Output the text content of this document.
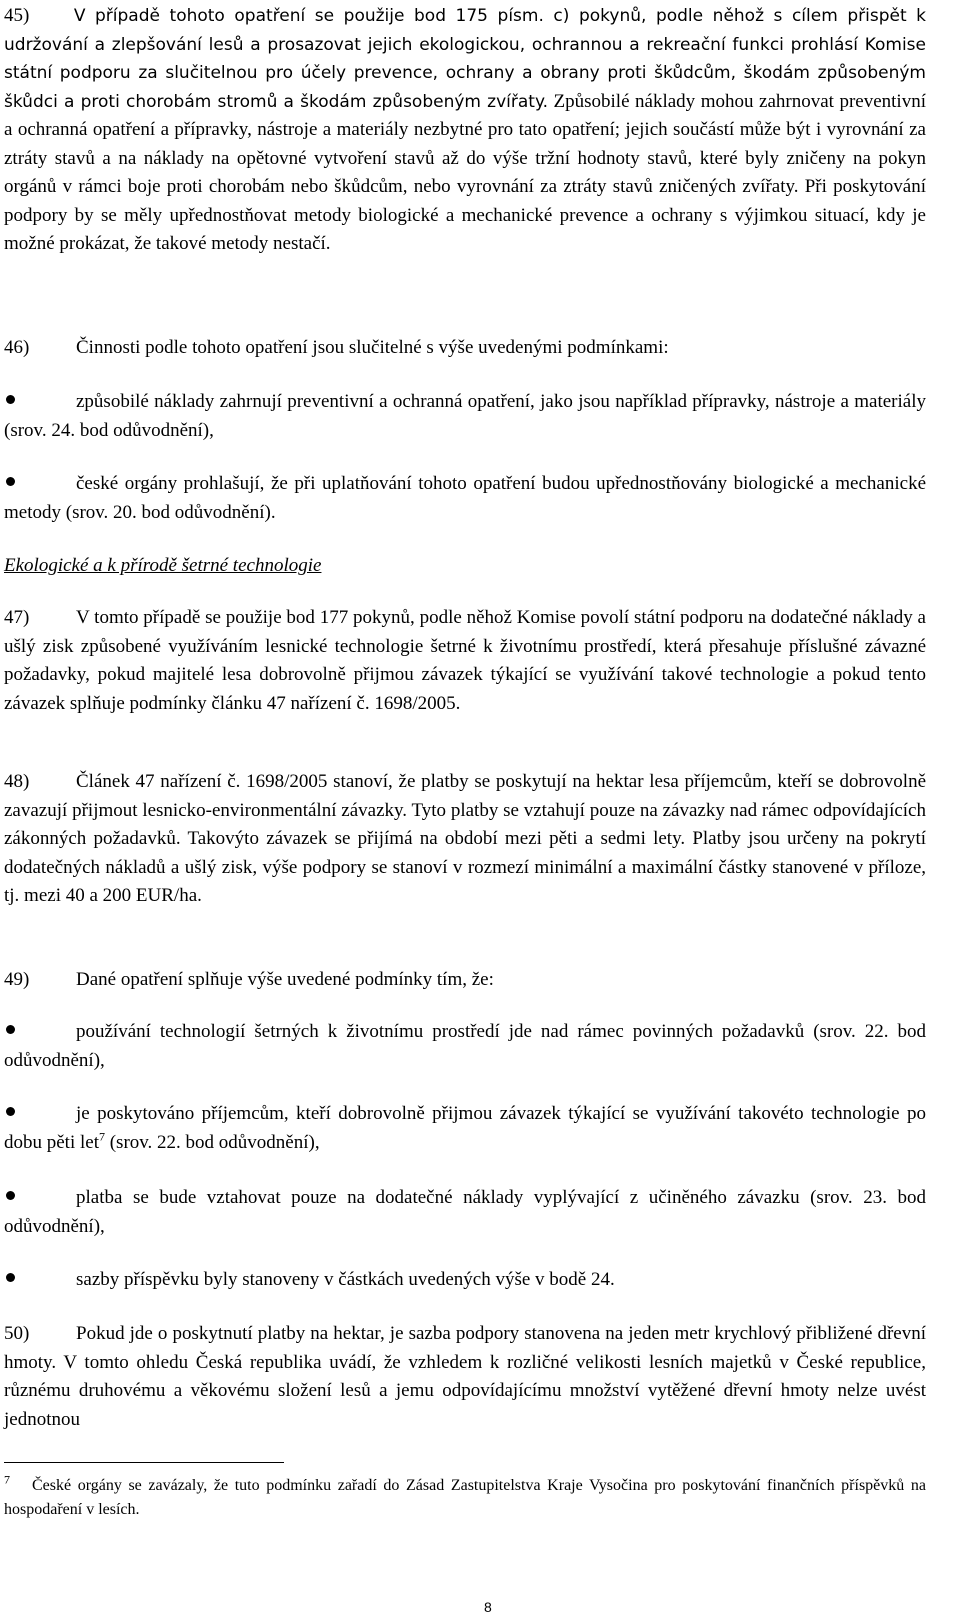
45)	V případě tohoto opatření se použije bod 175 písm. c) pokynů, podle něhož s cílem přispět k udržování a zlepšování lesů a prosazovat jejich ekologickou, ochrannou a rekreační funkci prohlásí Komise státní podporu za slučitelnou pro účely prevence, ochrany a obrany proti škůdcům, škodám způsobeným škůdci a proti chorobám stromů a škodám způsobeným zvířaty. Způsobilé náklady mohou zahrnovat preventivní a ochranná opatření a přípravky, nástroje a materiály nezbytné pro tato opatření; jejich součástí může být i vyrovnání za ztráty stavů a na náklady na opětovné vytvoření stavů až do výše tržní hodnoty stavů, které byly zničeny na pokyn orgánů v rámci boje proti chorobám nebo škůdcům, nebo vyrovnání za ztráty stavů zničených zvířaty. Při poskytování podpory by se měly upřednostňovat metody biologické a mechanické prevence a ochrany s výjimkou situací, kdy je možné prokázat, že takové metody nestačí.

46) Činnosti podle tohoto opatření jsou slučitelné s výše uvedenými podmínkami:

způsobilé náklady zahrnují preventivní a ochranná opatření, jako jsou například přípravky, nástroje a materiály (srov. 24. bod odůvodnění),

české orgány prohlašují, že při uplatňování tohoto opatření budou upřednostňovány biologické a mechanické metody (srov. 20. bod odůvodnění).

Ekologické a k přírodě šetrné technologie

47) V tomto případě se použije bod 177 pokynů, podle něhož Komise povolí státní podporu na dodatečné náklady a ušlý zisk způsobené využíváním lesnické technologie šetrné k životnímu prostředí, která přesahuje příslušné závazné požadavky, pokud majitelé lesa dobrovolně přijmou závazek týkající se využívání takové technologie a pokud tento závazek splňuje podmínky článku 47 nařízení č. 1698/2005.

48) Článek 47 nařízení č. 1698/2005 stanoví, že platby se poskytují na hektar lesa příjemcům, kteří se dobrovolně zavazují přijmout lesnicko-environmentální závazky. Tyto platby se vztahují pouze na závazky nad rámec odpovídajících zákonných požadavků. Takovýto závazek se přijímá na období mezi pěti a sedmi lety. Platby jsou určeny na pokrytí dodatečných nákladů a ušlý zisk, výše podpory se stanoví v rozmezí minimální a maximální částky stanovené v příloze, tj. mezi 40 a 200 EUR/ha.

49) Dané opatření splňuje výše uvedené podmínky tím, že:

používání technologií šetrných k životnímu prostředí jde nad rámec povinných požadavků (srov. 22. bod odůvodnění),

je poskytováno příjemcům, kteří dobrovolně přijmou závazek týkající se využívání takovéto technologie po dobu pěti let$^7$ (srov. 22. bod odůvodnění),

platba se bude vztahovat pouze na dodatečné náklady vyplývající z učiněného závazku (srov. 23. bod odůvodnění),

sazby příspěvku byly stanoveny v částkách uvedených výše v bodě 24.

50) Pokud jde o poskytnutí platby na hektar, je sazba podpory stanovena na jeden metr krychlový přibližené dřevní hmoty. V tomto ohledu Česká republika uvádí, že vzhledem k rozličné velikosti lesních majetků v České republice, různému druhovému a věkovému složení lesů a jemu odpovídajícímu množství vytěžené dřevní hmoty nelze uvést jednotnou

$^7$ České orgány se zavázaly, že tuto podmínku zařadí do Zásad Zastupitelstva Kraje Vysočina pro poskytování finančních příspěvků na hospodaření v lesích.

8
